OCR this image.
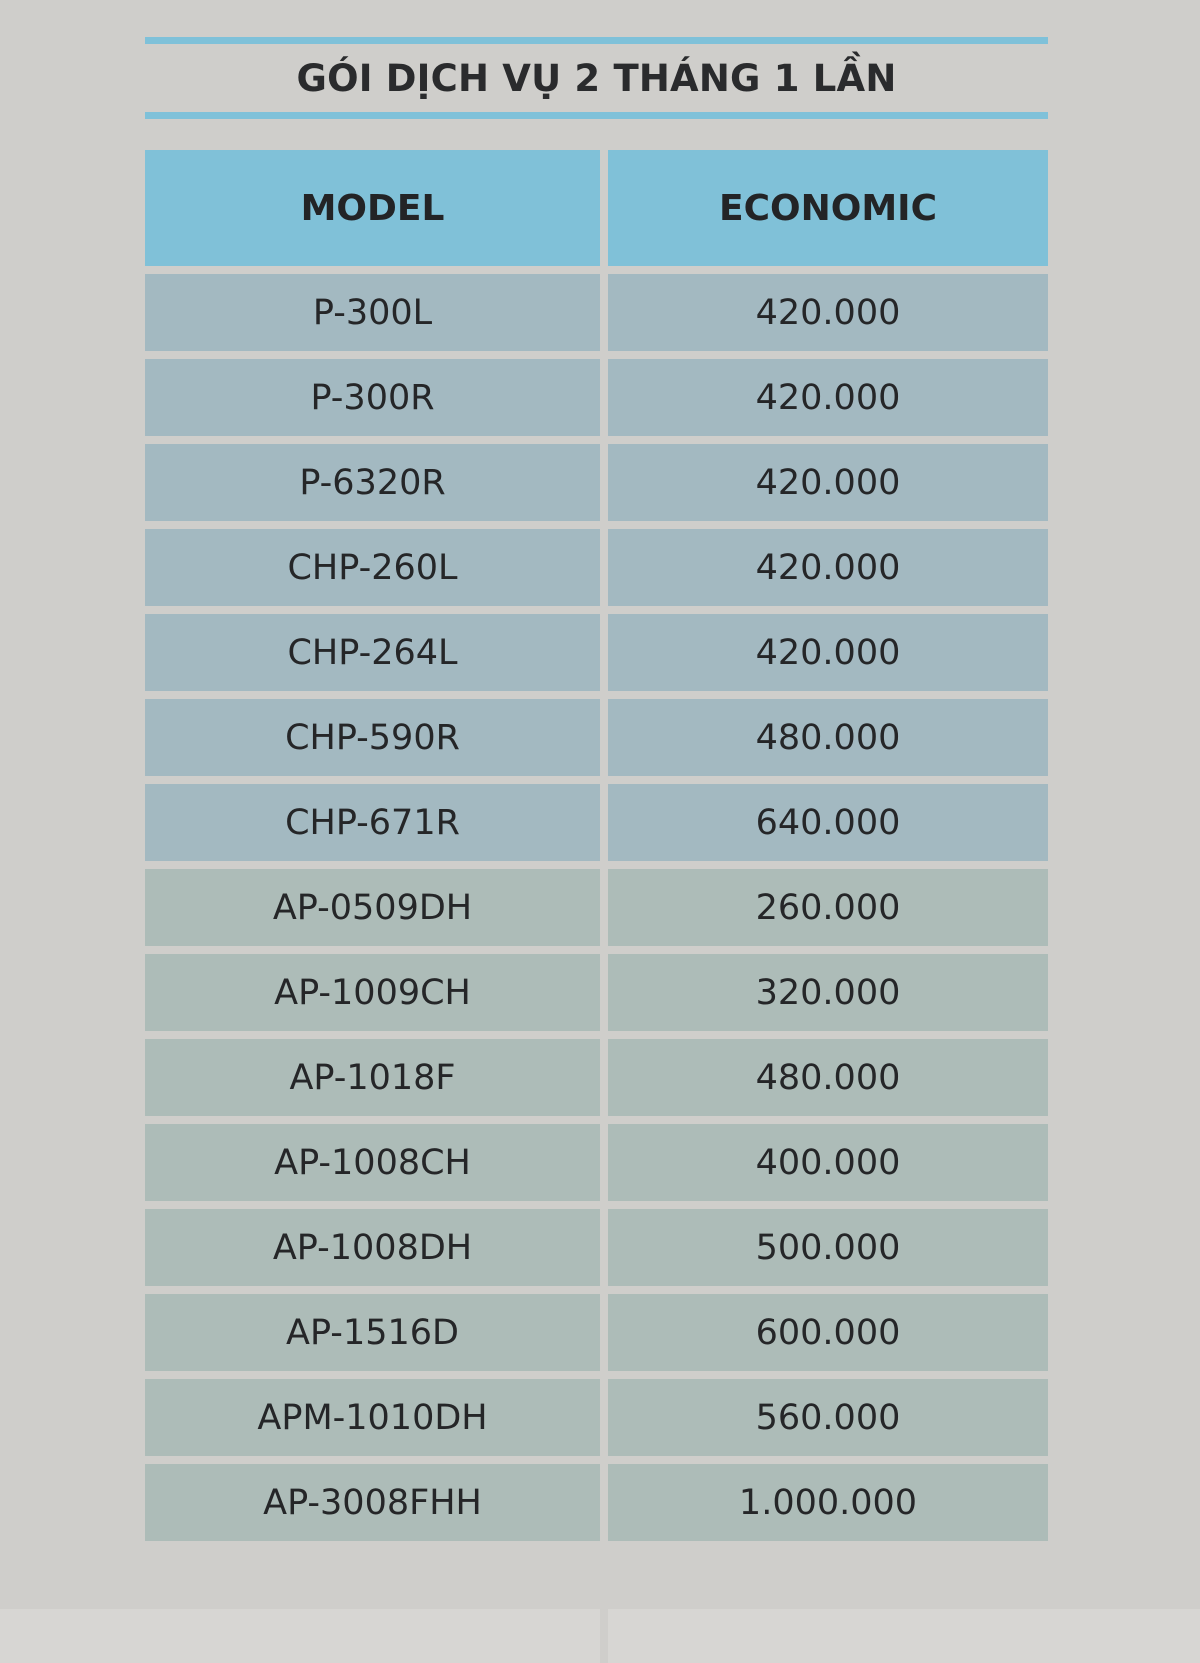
GÓI DỊCH VỤ 2 THÁNG 1 LẦN
MODEL	ECONOMIC
P-300L	420.000
P-300R	420.000
P-6320R	420.000
CHP-260L	420.000
CHP-264L	420.000
CHP-590R	480.000
CHP-671R	640.000
AP-0509DH	260.000
AP-1009CH	320.000
AP-1018F	480.000
AP-1008CH	400.000
AP-1008DH	500.000
AP-1516D	600.000
APM-1010DH	560.000
AP-3008FHH	1.000.000
